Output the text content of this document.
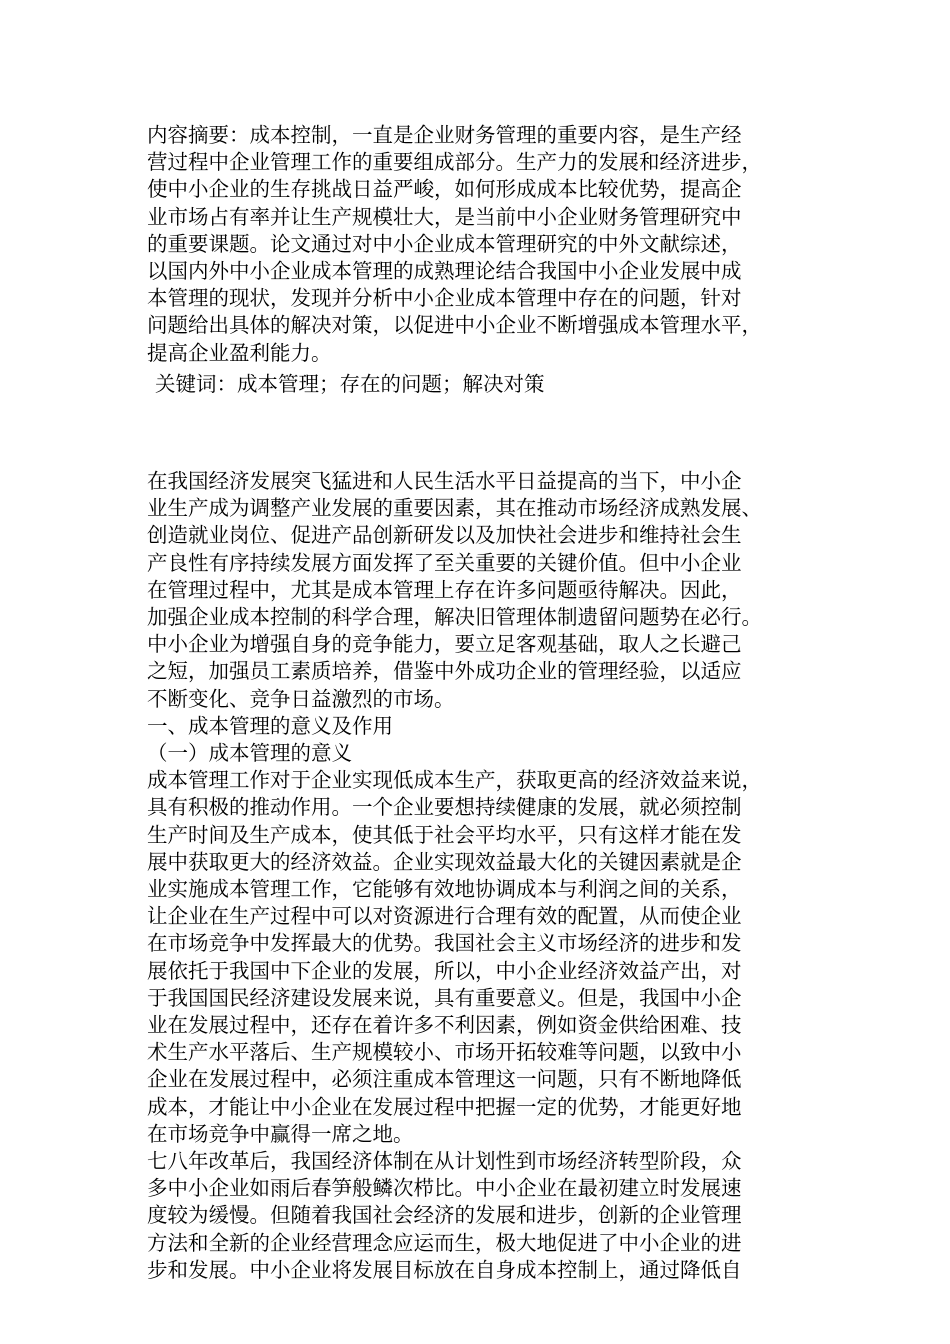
内容摘要：成本控制，一直是企业财务管理的重要内容，是生产经
营过程中企业管理工作的重要组成部分。生产力的发展和经济进步，
使中小企业的生存挑战日益严峻，如何形成成本比较优势，提高企
业市场占有率并让生产规模壮大，是当前中小企业财务管理研究中
的重要课题。论文通过对中小企业成本管理研究的中外文献综述，
以国内外中小企业成本管理的成熟理论结合我国中小企业发展中成
本管理的现状，发现并分析中小企业成本管理中存在的问题，针对
问题给出具体的解决对策，以促进中小企业不断增强成本管理水平，
提高企业盈利能力。
关键词：成本管理；存在的问题；解决对策
在我国经济发展突飞猛进和人民生活水平日益提高的当下，中小企
业生产成为调整产业发展的重要因素，其在推动市场经济成熟发展、
创造就业岗位、促进产品创新研发以及加快社会进步和维持社会生
产良性有序持续发展方面发挥了至关重要的关键价值。但中小企业
在管理过程中，尤其是成本管理上存在许多问题亟待解决。因此，
加强企业成本控制的科学合理，解决旧管理体制遗留问题势在必行。
中小企业为增强自身的竞争能力，要立足客观基础，取人之长避己
之短，加强员工素质培养，借鉴中外成功企业的管理经验，以适应
不断变化、竞争日益激烈的市场。
一、成本管理的意义及作用
（一）成本管理的意义
成本管理工作对于企业实现低成本生产，获取更高的经济效益来说，
具有积极的推动作用。一个企业要想持续健康的发展，就必须控制
生产时间及生产成本，使其低于社会平均水平，只有这样才能在发
展中获取更大的经济效益。企业实现效益最大化的关键因素就是企
业实施成本管理工作，它能够有效地协调成本与利润之间的关系，
让企业在生产过程中可以对资源进行合理有效的配置，从而使企业
在市场竞争中发挥最大的优势。我国社会主义市场经济的进步和发
展依托于我国中下企业的发展，所以，中小企业经济效益产出，对
于我国国民经济建设发展来说，具有重要意义。但是，我国中小企
业在发展过程中，还存在着许多不利因素，例如资金供给困难、技
术生产水平落后、生产规模较小、市场开拓较难等问题，以致中小
企业在发展过程中，必须注重成本管理这一问题，只有不断地降低
成本，才能让中小企业在发展过程中把握一定的优势，才能更好地
在市场竞争中赢得一席之地。
七八年改革后，我国经济体制在从计划性到市场经济转型阶段，众
多中小企业如雨后春笋般鳞次栉比。中小企业在最初建立时发展速
度较为缓慢。但随着我国社会经济的发展和进步，创新的企业管理
方法和全新的企业经营理念应运而生，极大地促进了中小企业的进
步和发展。中小企业将发展目标放在自身成本控制上，通过降低自
